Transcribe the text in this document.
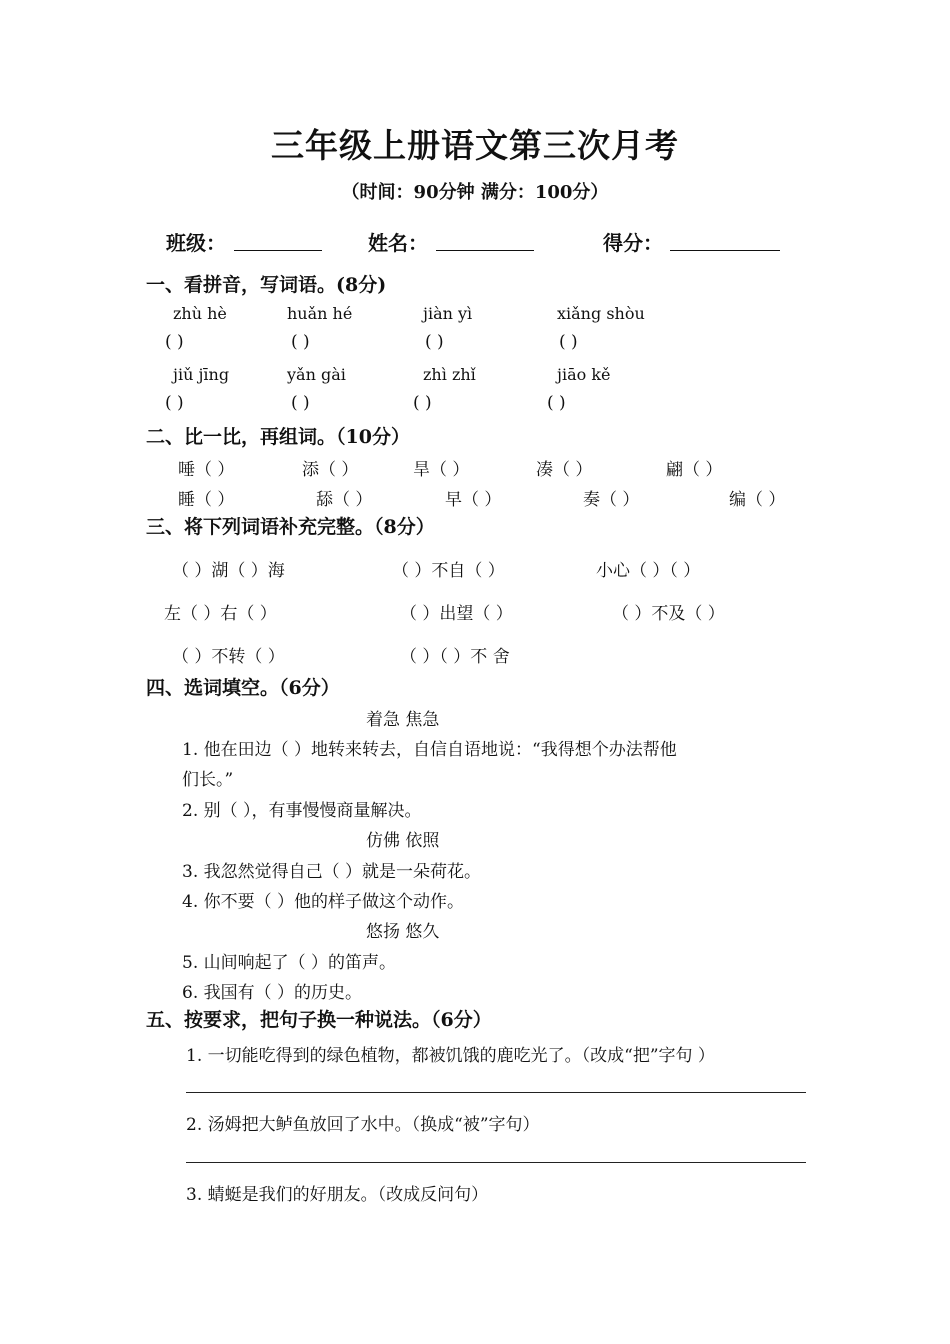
三年级上册语文第三次月考
（时间：90分钟 满分：100分）
班级：	姓名：	得分：
一、看拼音，写词语。(8分)
zhù hè	huǎn hé	jiàn yì	xiǎng shòu
( )	( )	( )	( )
jiǔ jīng	yǎn gài	zhì zhǐ	jiāo kě
( )	( )	( )	( )
二、比一比，再组词。（10分）
唾（ ）	添（ ）	旱（ ）	凑（ ）	翩（ ）
睡（ ）	舔（ ）	早（ ）	奏（ ）	编（ ）
三、将下列词语补充完整。（8分）
（ ）湖（ ）海	（ ）不自（ ）	小心（ ）（ ）
左（ ）右（ ）	（ ）出望（ ）	（ ）不及（ ）
（ ）不转（ ）	（ ）（ ）不 舍
四、选词填空。（6分）
着急 焦急
1. 他在田边（ ）地转来转去，自信自语地说：“我得想个办法帮他
们长。”
2. 别（ ），有事慢慢商量解决。
仿佛 依照
3. 我忽然觉得自己（ ）就是一朵荷花。
4. 你不要（ ）他的样子做这个动作。
悠扬 悠久
5. 山间响起了（ ）的笛声。
6. 我国有（ ）的历史。
五、按要求，把句子换一种说法。（6分）
1. 一切能吃得到的绿色植物，都被饥饿的鹿吃光了。（改成“把”字句 ）
2. 汤姆把大鲈鱼放回了水中。（换成“被”字句）
3. 蜻蜓是我们的好朋友。（改成反问句）
